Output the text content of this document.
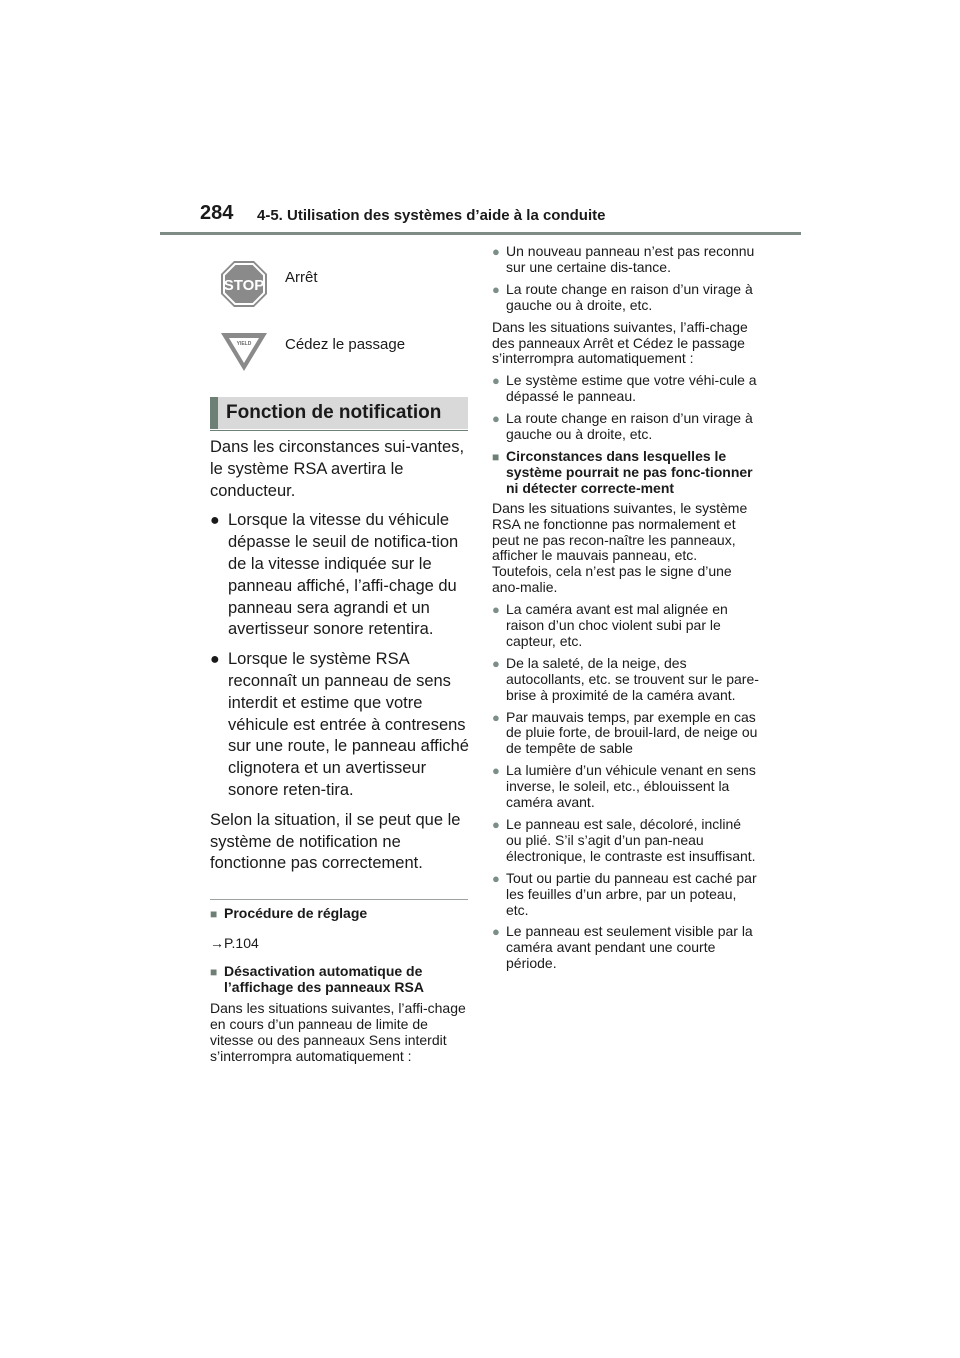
284 4-5. Utilisation des systèmes d’aide à la conduite
STOP Arrêt
YIELD Cédez le passage
Fonction de notification

Dans les circonstances sui-vantes, le système RSA avertira le conducteur.

● Lorsque la vitesse du véhicule dépasse le seuil de notifica-tion de la vitesse indiquée sur le panneau affiché, l’affi-chage du panneau sera agrandi et un avertisseur sonore retentira.
● Lorsque le système RSA reconnaît un panneau de sens interdit et estime que votre véhicule est entrée à contresens sur une route, le panneau affiché clignotera et un avertisseur sonore reten-tira.

Selon la situation, il se peut que le système de notification ne fonctionne pas correctement.

■ Procédure de réglage
→P.104
■ Désactivation automatique de l’affichage des panneaux RSA

Dans les situations suivantes, l’affi-chage en cours d’un panneau de limite de vitesse ou des panneaux Sens interdit s’interrompra automatiquement :

● Un nouveau panneau n’est pas reconnu sur une certaine dis-tance.
● La route change en raison d’un virage à gauche ou à droite, etc.

Dans les situations suivantes, l’affi-chage des panneaux Arrêt et Cédez le passage s’interrompra automatiquement :

● Le système estime que votre véhi-cule a dépassé le panneau.
● La route change en raison d’un virage à gauche ou à droite, etc.
■ Circonstances dans lesquelles le système pourrait ne pas fonc-tionner ni détecter correcte-ment

Dans les situations suivantes, le système RSA ne fonctionne pas normalement et peut ne pas recon-naître les panneaux, afficher le mauvais panneau, etc. Toutefois, cela n’est pas le signe d’une ano-malie.

● La caméra avant est mal alignée en raison d’un choc violent subi par le capteur, etc.
● De la saleté, de la neige, des autocollants, etc. se trouvent sur le pare-brise à proximité de la caméra avant.
● Par mauvais temps, par exemple en cas de pluie forte, de brouil-lard, de neige ou de tempête de sable
● La lumière d’un véhicule venant en sens inverse, le soleil, etc., éblouissent la caméra avant.
● Le panneau est sale, décoloré, incliné ou plié. S’il s’agit d’un pan-neau électronique, le contraste est insuffisant.
● Tout ou partie du panneau est caché par les feuilles d’un arbre, par un poteau, etc.
● Le panneau est seulement visible par la caméra avant pendant une courte période.
